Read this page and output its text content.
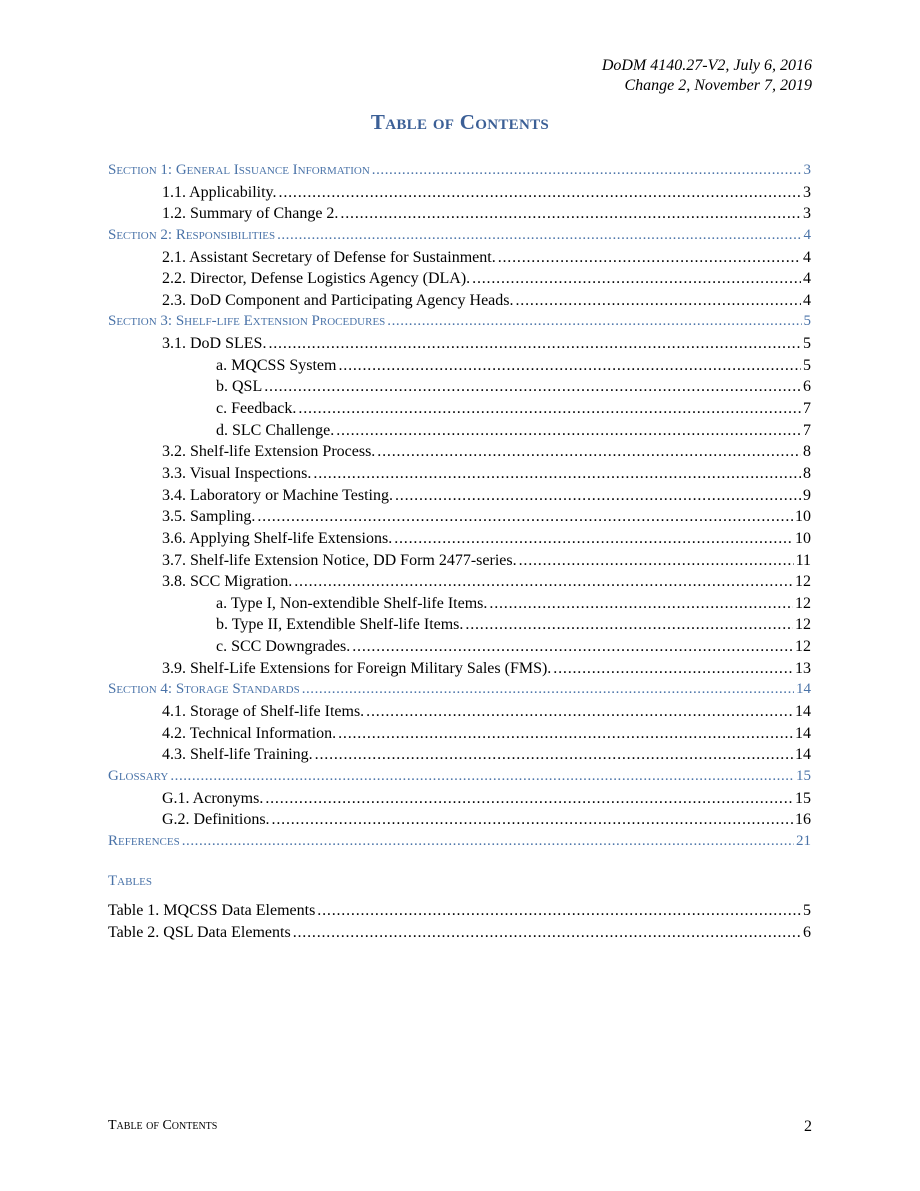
DoDM 4140.27-V2, July 6, 2016
Change 2, November 7, 2019
Table of Contents
Section 1: General Issuance Information . . .	3
1.1. Applicability. . . .	3
1.2. Summary of Change 2. . . .	3
Section 2: Responsibilities . . .	4
2.1. Assistant Secretary of Defense for Sustainment. . . .	4
2.2. Director, Defense Logistics Agency (DLA). . . .	4
2.3. DoD Component and Participating Agency Heads. . . .	4
Section 3: Shelf-life Extension Procedures . . .	5
3.1. DoD SLES. . . .	5
a. MQCSS System . . .	5
b. QSL . . .	6
c. Feedback. . . .	7
d. SLC Challenge. . . .	7
3.2. Shelf-life Extension Process. . . .	8
3.3. Visual Inspections. . . .	8
3.4. Laboratory or Machine Testing. . . .	9
3.5. Sampling. . . .	10
3.6. Applying Shelf-life Extensions. . . .	10
3.7. Shelf-life Extension Notice, DD Form 2477-series. . . .	11
3.8. SCC Migration. . . .	12
a. Type I, Non-extendible Shelf-life Items. . . .	12
b. Type II, Extendible Shelf-life Items. . . .	12
c. SCC Downgrades. . . .	12
3.9. Shelf-Life Extensions for Foreign Military Sales (FMS). . . .	13
Section 4: Storage Standards . . .	14
4.1. Storage of Shelf-life Items. . . .	14
4.2. Technical Information. . . .	14
4.3. Shelf-life Training. . . .	14
Glossary . . .	15
G.1. Acronyms. . . .	15
G.2. Definitions. . . .	16
References . . .	21
Tables
Table 1. MQCSS Data Elements . . .	5
Table 2. QSL Data Elements . . .	6
Table of Contents	2
